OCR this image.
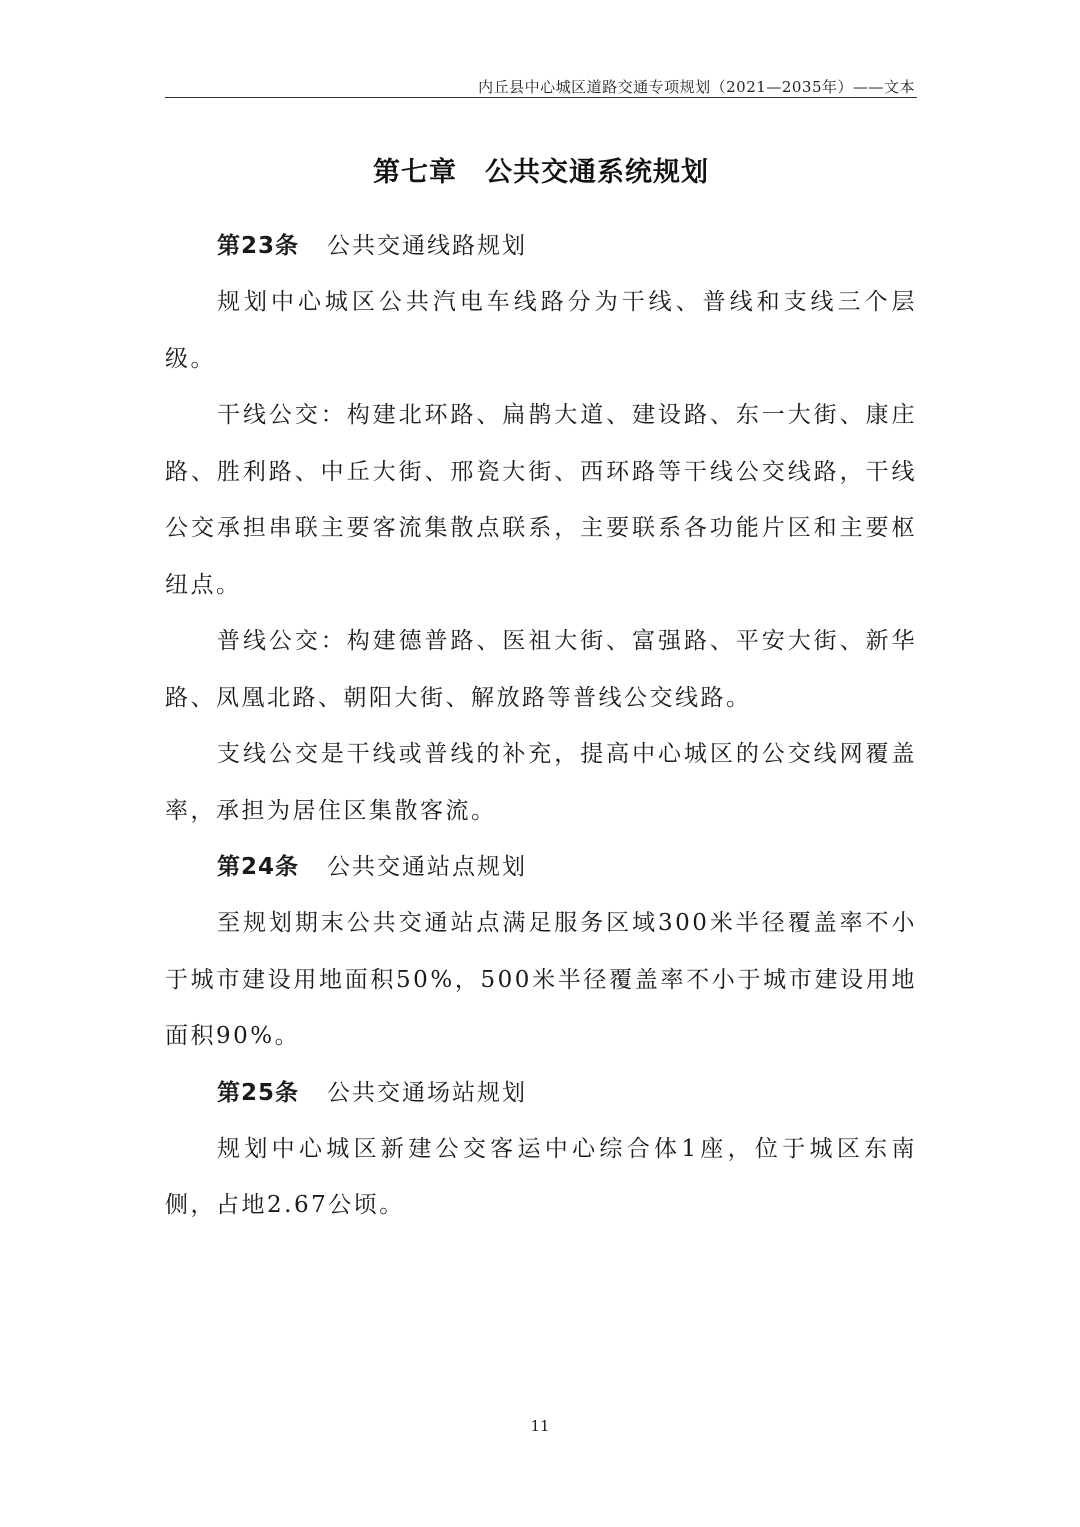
内丘县中心城区道路交通专项规划（2021—2035年）——文本
第七章　公共交通系统规划
第23条 公共交通线路规划

规划中心城区公共汽电车线路分为干线、普线和支线三个层级。

干线公交：构建北环路、扁鹊大道、建设路、东一大街、康庄路、胜利路、中丘大街、邢瓷大街、西环路等干线公交线路，干线公交承担串联主要客流集散点联系，主要联系各功能片区和主要枢纽点。

普线公交：构建德普路、医祖大街、富强路、平安大街、新华路、凤凰北路、朝阳大街、解放路等普线公交线路。

支线公交是干线或普线的补充，提高中心城区的公交线网覆盖率，承担为居住区集散客流。

第24条 公共交通站点规划

至规划期末公共交通站点满足服务区域300米半径覆盖率不小于城市建设用地面积50%，500米半径覆盖率不小于城市建设用地面积90%。

第25条 公共交通场站规划

规划中心城区新建公交客运中心综合体1座，位于城区东南侧，占地2.67公顷。

11
